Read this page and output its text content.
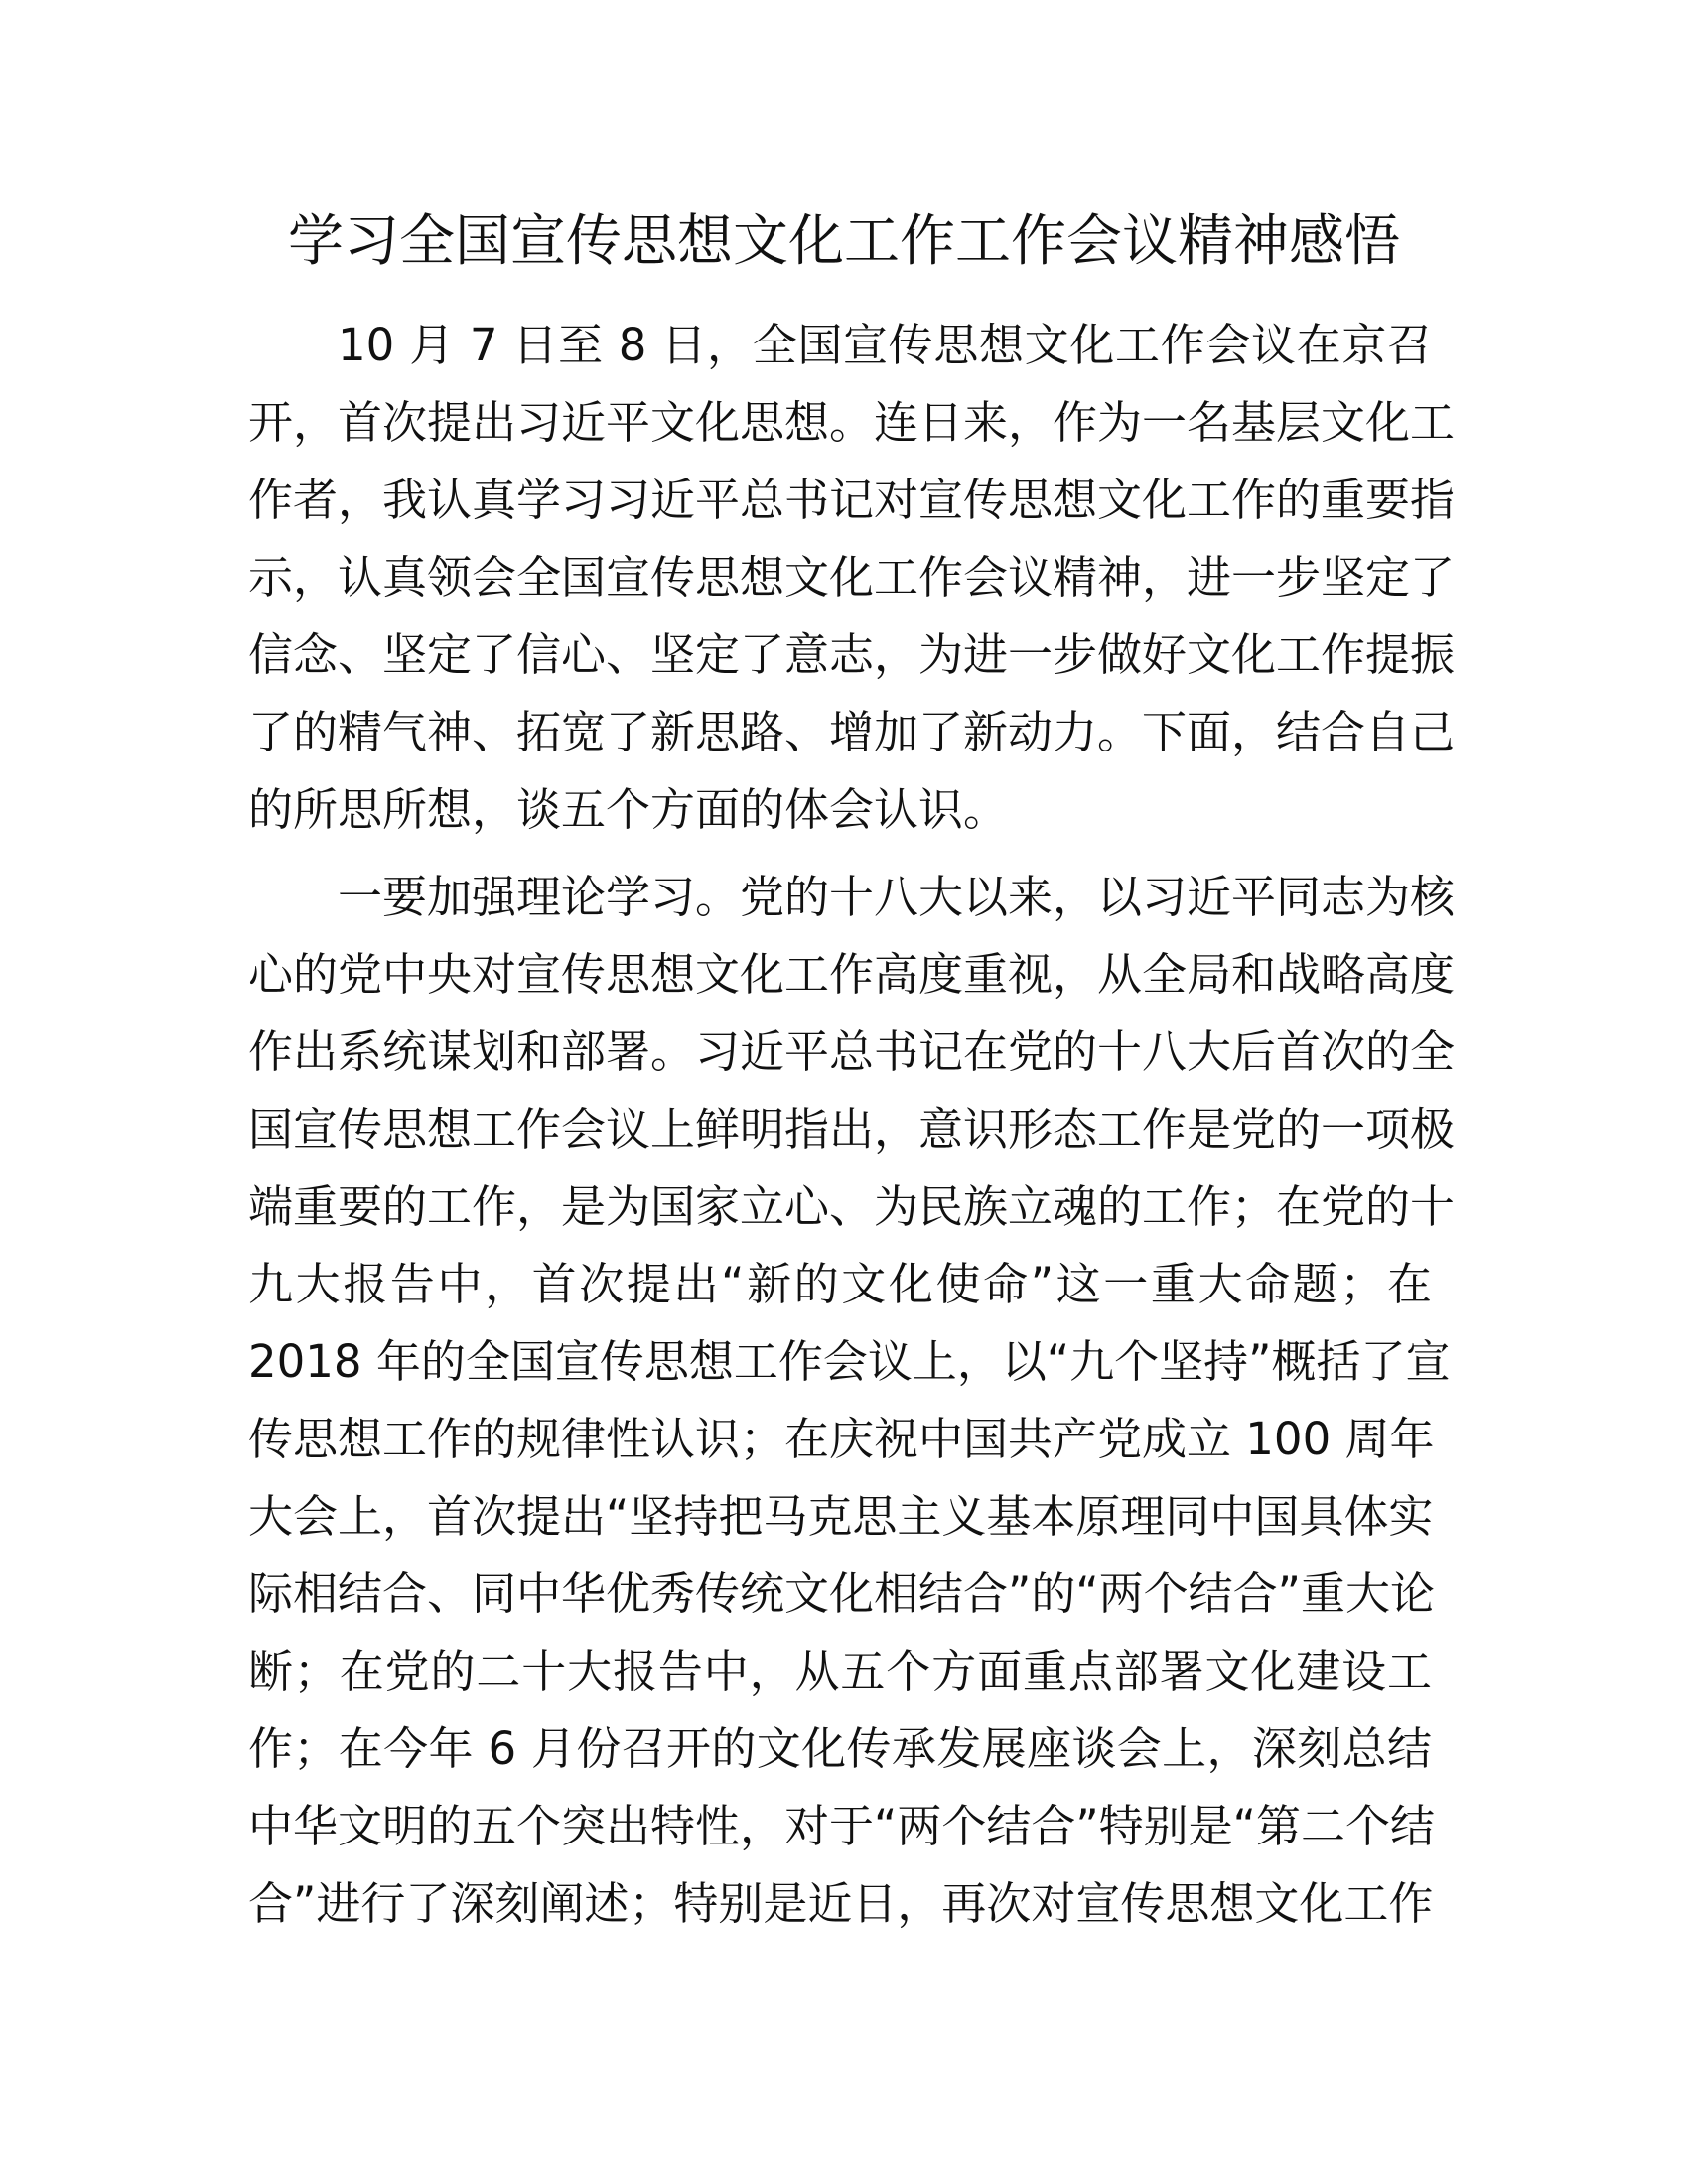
学习全国宣传思想文化工作工作会议精神感悟

10 月 7 日至 8 日，全国宣传思想文化工作会议在京召

开，首次提出习近平文化思想。连日来，作为一名基层文化工

作者，我认真学习习近平总书记对宣传思想文化工作的重要指

示，认真领会全国宣传思想文化工作会议精神，进一步坚定了

信念、坚定了信心、坚定了意志，为进一步做好文化工作提振

了的精气神、拓宽了新思路、增加了新动力。下面，结合自己

的所思所想，谈五个方面的体会认识。

一要加强理论学习。党的十八大以来，以习近平同志为核

心的党中央对宣传思想文化工作高度重视，从全局和战略高度

作出系统谋划和部署。习近平总书记在党的十八大后首次的全

国宣传思想工作会议上鲜明指出，意识形态工作是党的一项极

端重要的工作，是为国家立心、为民族立魂的工作；在党的十

九大报告中，首次提出“新的文化使命”这一重大命题；在

2018 年的全国宣传思想工作会议上，以“九个坚持”概括了宣

传思想工作的规律性认识；在庆祝中国共产党成立 100 周年

大会上，首次提出“坚持把马克思主义基本原理同中国具体实

际相结合、同中华优秀传统文化相结合”的“两个结合”重大论

断；在党的二十大报告中，从五个方面重点部署文化建设工

作；在今年 6 月份召开的文化传承发展座谈会上，深刻总结

中华文明的五个突出特性，对于“两个结合”特别是“第二个结

合”进行了深刻阐述；特别是近日，再次对宣传思想文化工作
